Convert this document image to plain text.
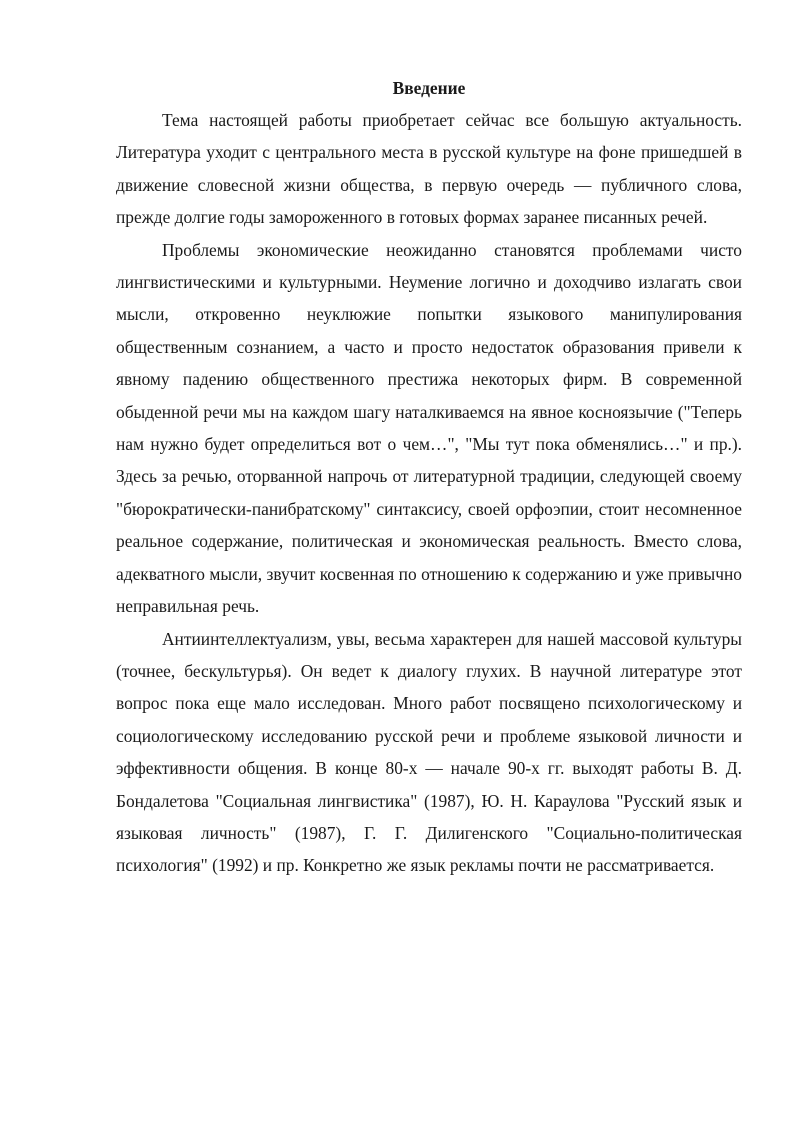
Введение

Тема настоящей работы приобретает сейчас все большую актуальность. Литература уходит с центрального места в русской культуре на фоне пришедшей в движение словесной жизни общества, в первую очередь — публичного слова, прежде долгие годы замороженного в готовых формах заранее писанных речей.

Проблемы экономические неожиданно становятся проблемами чисто лингвистическими и культурными. Неумение логично и доходчиво излагать свои мысли, откровенно неуклюжие попытки языкового манипулирования общественным сознанием, а часто и просто недостаток образования привели к явному падению общественного престижа некоторых фирм. В современной обыденной речи мы на каждом шагу наталкиваемся на явное косноязычие ("Теперь нам нужно будет определиться вот о чем…", "Мы тут пока обменялись…" и пр.). Здесь за речью, оторванной напрочь от литературной традиции, следующей своему "бюрократически-панибратскому" синтаксису, своей орфоэпии, стоит несомненное реальное содержание, политическая и экономическая реальность. Вместо слова, адекватного мысли, звучит косвенная по отношению к содержанию и уже привычно неправильная речь.

Антиинтеллектуализм, увы, весьма характерен для нашей массовой культуры (точнее, бескультурья). Он ведет к диалогу глухих. В научной литературе этот вопрос пока еще мало исследован. Много работ посвящено психологическому и социологическому исследованию русской речи и проблеме языковой личности и эффективности общения. В конце 80-х — начале 90-х гг. выходят работы В. Д. Бондалетова "Социальная лингвистика" (1987), Ю. Н. Караулова "Русский язык и языковая личность" (1987), Г. Г. Дилигенского "Социально-политическая психология" (1992) и пр. Конкретно же язык рекламы почти не рассматривается.
